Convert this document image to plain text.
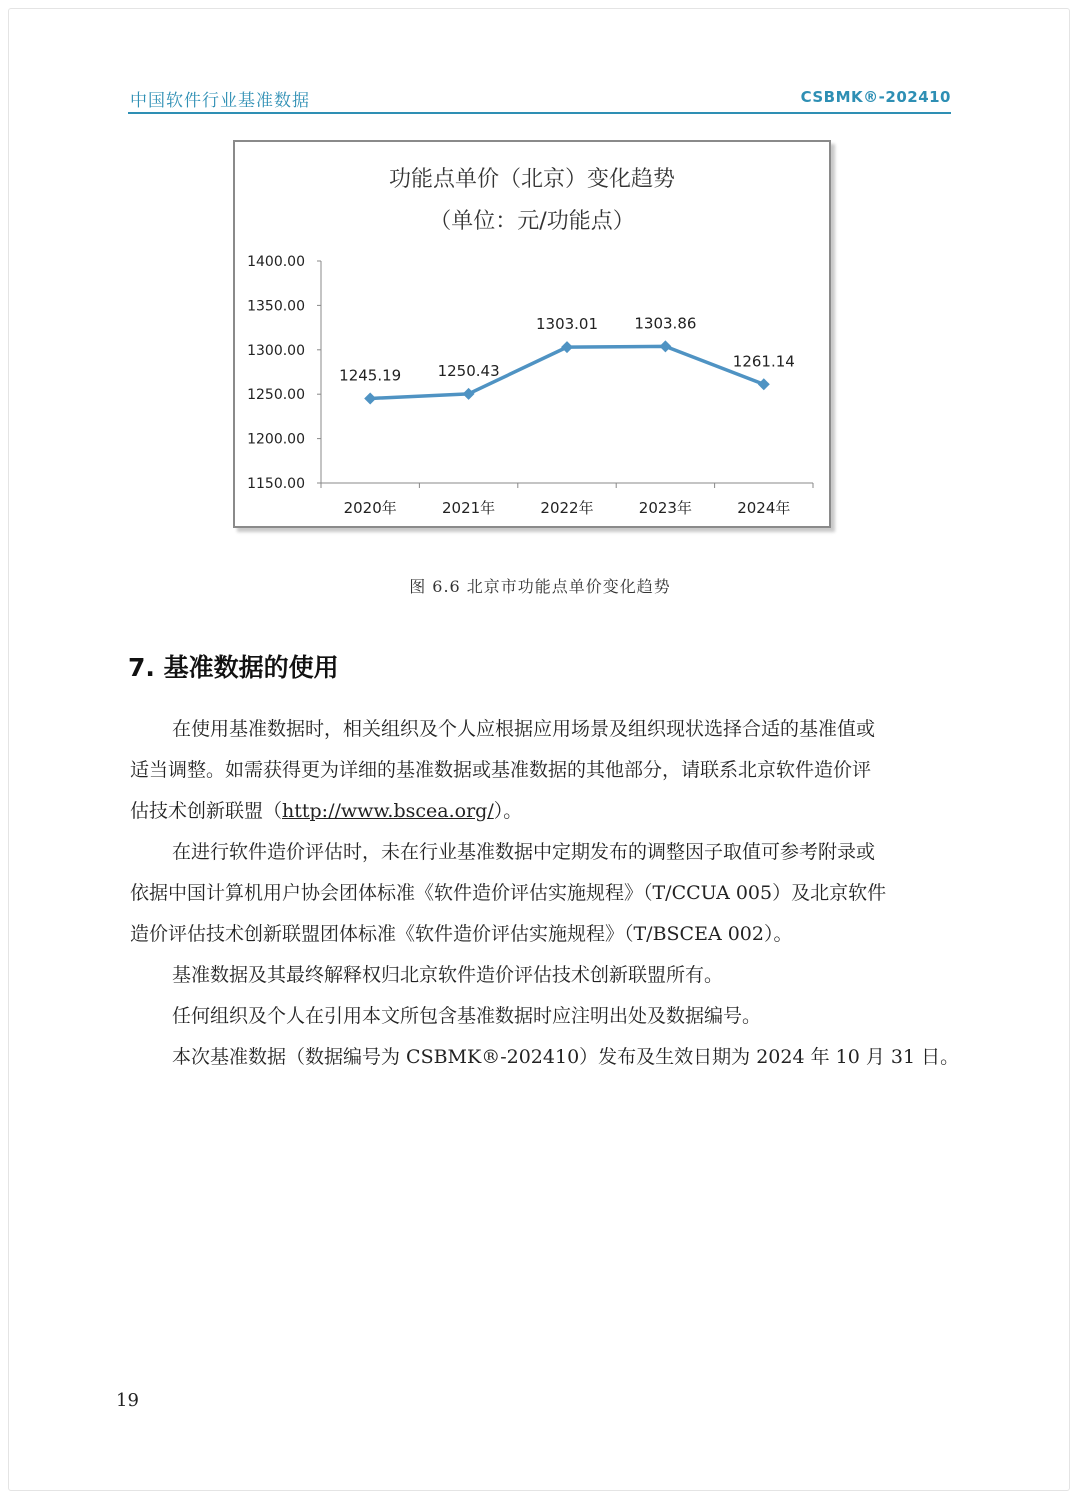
中国软件行业基准数据	CSBMK®-202410
功能点单价（北京）变化趋势
（单位：元/功能点）
1400.00
1350.00
1300.00
1250.00
1200.00
1150.00
2020年	2021年	2022年	2023年	2024年
1245.19 1250.43
1303.01 1303.86
1261.14
图 6.6 北京市功能点单价变化趋势
7. 基准数据的使用
在使用基准数据时，相关组织及个人应根据应用场景及组织现状选择合适的基准值或
适当调整。如需获得更为详细的基准数据或基准数据的其他部分，请联系北京软件造价评
估技术创新联盟（http://www.bscea.org/）。
在进行软件造价评估时，未在行业基准数据中定期发布的调整因子取值可参考附录或
依据中国计算机用户协会团体标准《软件造价评估实施规程》（T/CCUA 005）及北京软件
造价评估技术创新联盟团体标准《软件造价评估实施规程》（T/BSCEA 002）。
基准数据及其最终解释权归北京软件造价评估技术创新联盟所有。
任何组织及个人在引用本文所包含基准数据时应注明出处及数据编号。
本次基准数据（数据编号为 CSBMK®-202410）发布及生效日期为 2024 年 10 月 31 日。
19
